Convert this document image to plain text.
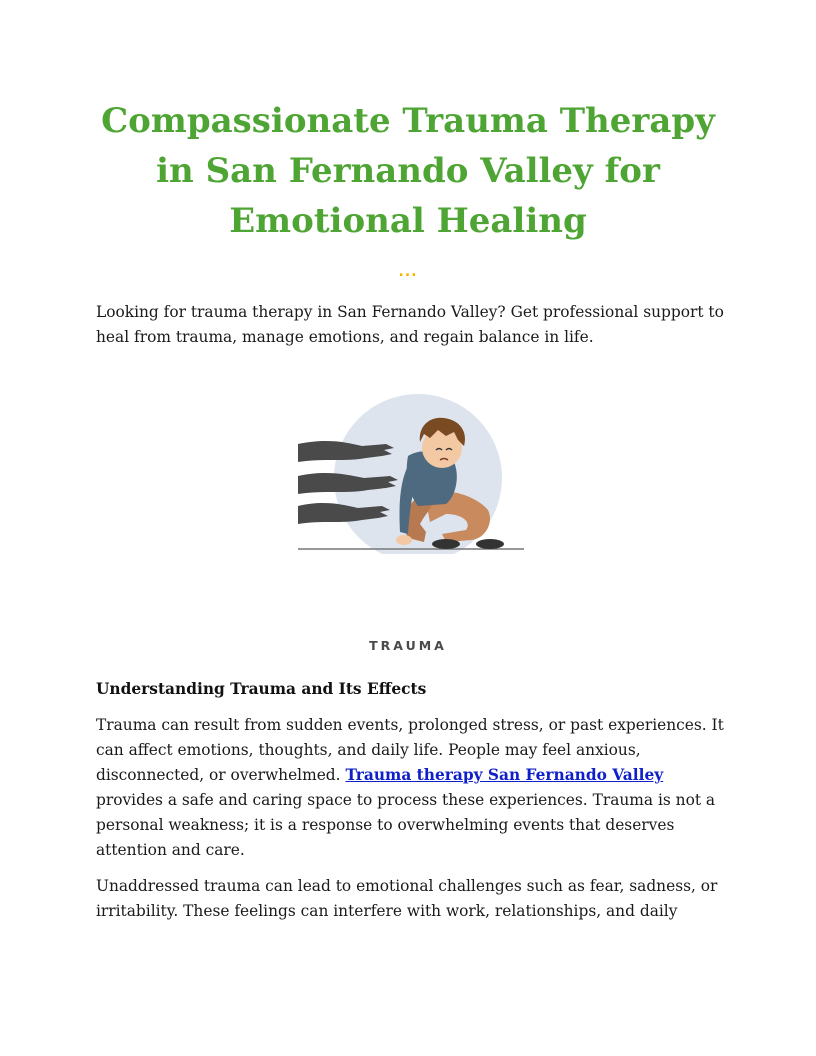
Compassionate Trauma Therapy in San Fernando Valley for Emotional Healing
...

Looking for trauma therapy in San Fernando Valley? Get professional support to heal from trauma, manage emotions, and regain balance in life.

TRAUMA
Understanding Trauma and Its Effects

Trauma can result from sudden events, prolonged stress, or past experiences. It can affect emotions, thoughts, and daily life. People may feel anxious, disconnected, or overwhelmed. Trauma therapy San Fernando Valley provides a safe and caring space to process these experiences. Trauma is not a personal weakness; it is a response to overwhelming events that deserves attention and care.

Unaddressed trauma can lead to emotional challenges such as fear, sadness, or irritability. These feelings can interfere with work, relationships, and daily
